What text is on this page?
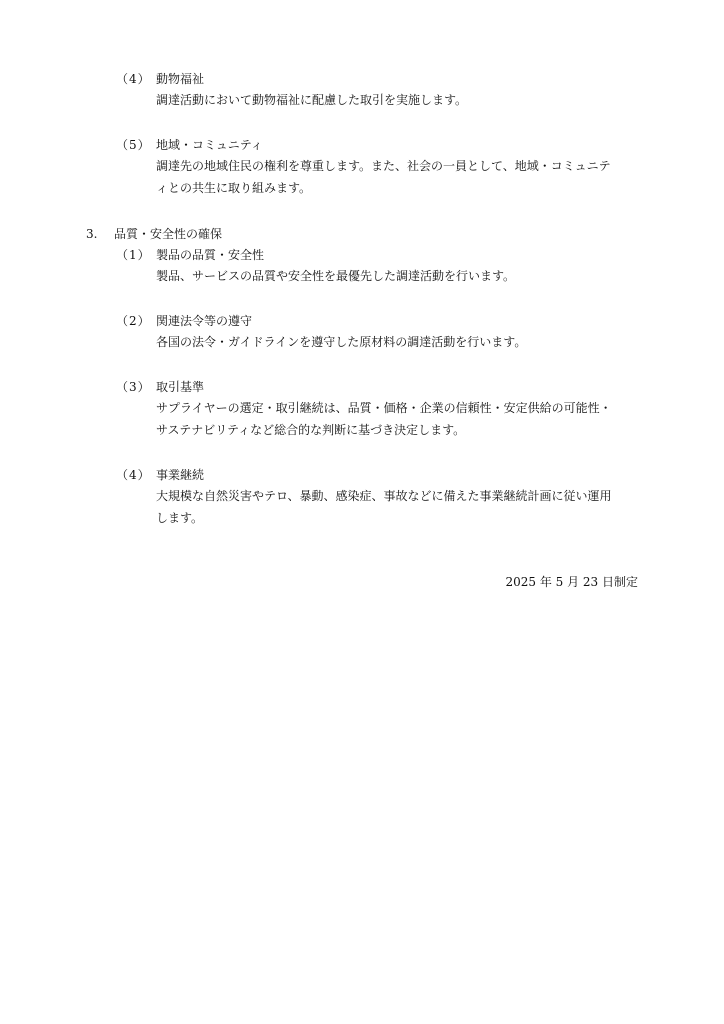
（4） 動物福祉
調達活動において動物福祉に配慮した取引を実施します。
（5） 地域・コミュニティ
調達先の地域住民の権利を尊重します。また、社会の一員として、地域・コミュニテ
ィとの共生に取り組みます。
3. 品質・安全性の確保
（1） 製品の品質・安全性
製品、サービスの品質や安全性を最優先した調達活動を行います。
（2） 関連法令等の遵守
各国の法令・ガイドラインを遵守した原材料の調達活動を行います。
（3） 取引基準
サプライヤーの選定・取引継続は、品質・価格・企業の信頼性・安定供給の可能性・
サステナビリティなど総合的な判断に基づき決定します。
（4） 事業継続
大規模な自然災害やテロ、暴動、感染症、事故などに備えた事業継続計画に従い運用
します。
2025 年 5 月 23 日制定
